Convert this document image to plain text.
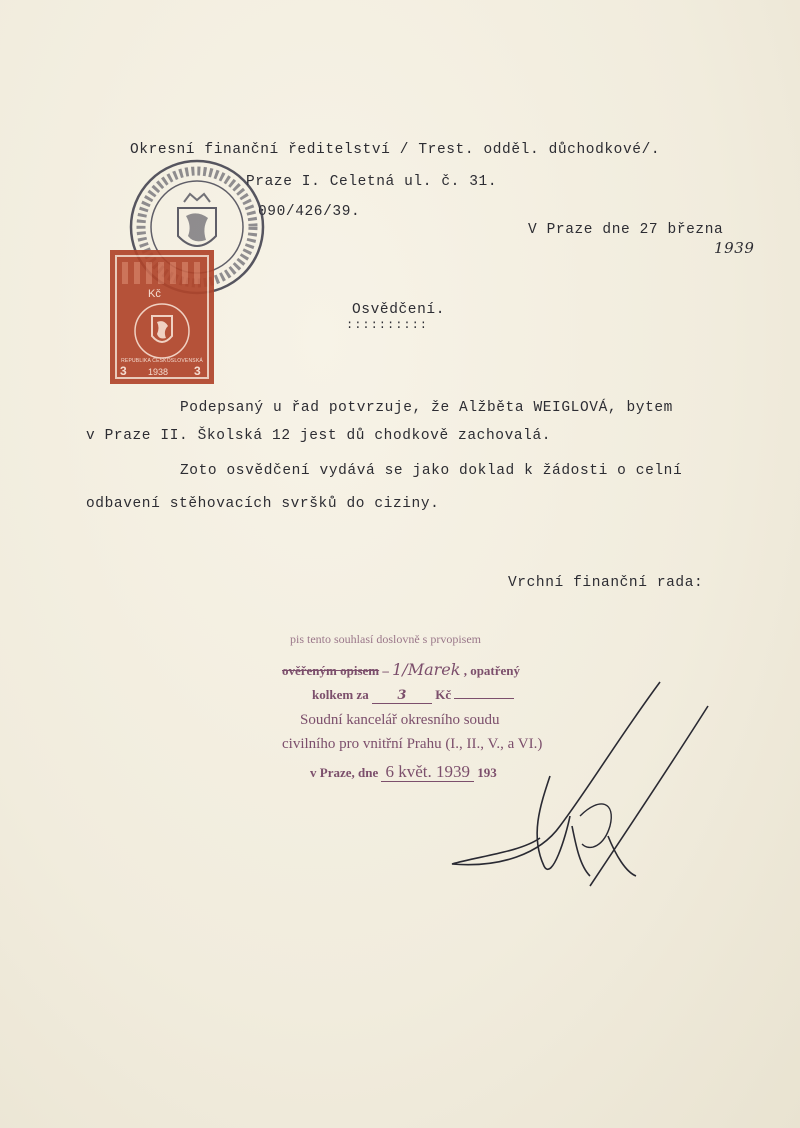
Okresní finanční ředitelství / Trest. odděl. důchodkové/.
Praze I. Celetná ul. č. 31.
090/426/39.
V Praze dne 27 března
1939
Osvědčení.
::::::::::
Podepsaný u řad potvrzuje, že Alžběta WEIGLOVÁ, bytem
v Praze II. Školská 12 jest dů chodkově zachovalá.
Zoto osvědčení vydává se jako doklad k žádosti o celní
odbavení stěhovacích svršků do ciziny.
Vrchní finanční rada:
Kč
REPUBLIKA ČESKOSLOVENSKÁ
3 1938 3
pis tento souhlasí doslovně s prvopisem
ověřeným opisem – 1/Marek , opatřený
kolkem za 3 Kč
Soudní kancelář okresního soudu
civilního pro vnitřní Prahu (I., II., V., a VI.)
v Praze, dne 6 květ. 1939 193
